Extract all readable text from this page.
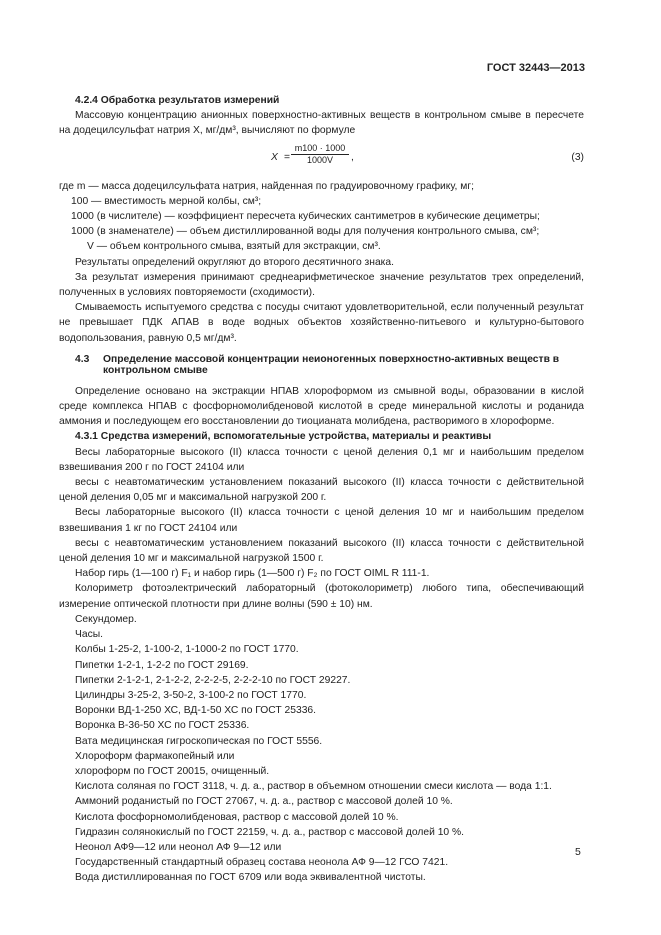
ГОСТ 32443—2013

4.2.4 Обработка результатов измерений

Массовую концентрацию анионных поверхностно-активных веществ в контрольном смыве в пересчете на додецилсульфат натрия X, мг/дм³, вычисляют по формуле

$X = \frac{m100 \cdot 1000}{1000V}$ ,	(3)

где m — масса додецилсульфата натрия, найденная по градуировочному графику, мг;

100 — вместимость мерной колбы, см³;

1000 (в числителе) — коэффициент пересчета кубических сантиметров в кубические дециметры;

1000 (в знаменателе) — объем дистиллированной воды для получения контрольного смыва, см³;

V — объем контрольного смыва, взятый для экстракции, см³.

Результаты определений округляют до второго десятичного знака.

За результат измерения принимают среднеарифметическое значение результатов трех определений, полученных в условиях повторяемости (сходимости).

Смываемость испытуемого средства с посуды считают удовлетворительной, если полученный результат не превышает ПДК АПАВ в воде водных объектов хозяйственно-питьевого и культурно-бытового водопользования, равную 0,5 мг/дм³.

4.3	Определение массовой концентрации неионогенных поверхностно-активных веществ в контрольном смыве

Определение основано на экстракции НПАВ хлороформом из смывной воды, образовании в кислой среде комплекса НПАВ с фосфорномолибденовой кислотой в среде минеральной кислоты и роданида аммония и последующем его восстановлении до тиоцианата молибдена, растворимого в хлороформе.

4.3.1 Средства измерений, вспомогательные устройства, материалы и реактивы

Весы лабораторные высокого (II) класса точности с ценой деления 0,1 мг и наибольшим пределом взвешивания 200 г по ГОСТ 24104 или

весы с неавтоматическим установлением показаний высокого (II) класса точности с действительной ценой деления 0,05 мг и максимальной нагрузкой 200 г.

Весы лабораторные высокого (II) класса точности с ценой деления 10 мг и наибольшим пределом взвешивания 1 кг по ГОСТ 24104 или

весы с неавтоматическим установлением показаний высокого (II) класса точности с действительной ценой деления 10 мг и максимальной нагрузкой 1500 г.

Набор гирь (1—100 г) F₁ и набор гирь (1—500 г) F₂ по ГОСТ OIML R 111-1.

Колориметр фотоэлектрический лабораторный (фотоколориметр) любого типа, обеспечивающий измерение оптической плотности при длине волны (590 ± 10) нм.

Секундомер.

Часы.

Колбы 1-25-2, 1-100-2, 1-1000-2 по ГОСТ 1770.

Пипетки 1-2-1, 1-2-2 по ГОСТ 29169.

Пипетки 2-1-2-1, 2-1-2-2, 2-2-2-5, 2-2-2-10 по ГОСТ 29227.

Цилиндры 3-25-2, 3-50-2, 3-100-2 по ГОСТ 1770.

Воронки ВД-1-250 ХС, ВД-1-50 ХС по ГОСТ 25336.

Воронка В-36-50 ХС по ГОСТ 25336.

Вата медицинская гигроскопическая по ГОСТ 5556.

Хлороформ фармакопейный или

хлороформ по ГОСТ 20015, очищенный.

Кислота соляная по ГОСТ 3118, ч. д. а., раствор в объемном отношении смеси кислота — вода 1:1.

Аммоний роданистый по ГОСТ 27067, ч. д. а., раствор с массовой долей 10 %.

Кислота фосфорномолибденовая, раствор с массовой долей 10 %.

Гидразин солянокислый по ГОСТ 22159, ч. д. а., раствор с массовой долей 10 %.

Неонол АФ9—12 или неонол АФ 9—12 или

Государственный стандартный образец состава неонола АФ 9—12 ГСО 7421.

Вода дистиллированная по ГОСТ 6709 или вода эквивалентной чистоты.

5
